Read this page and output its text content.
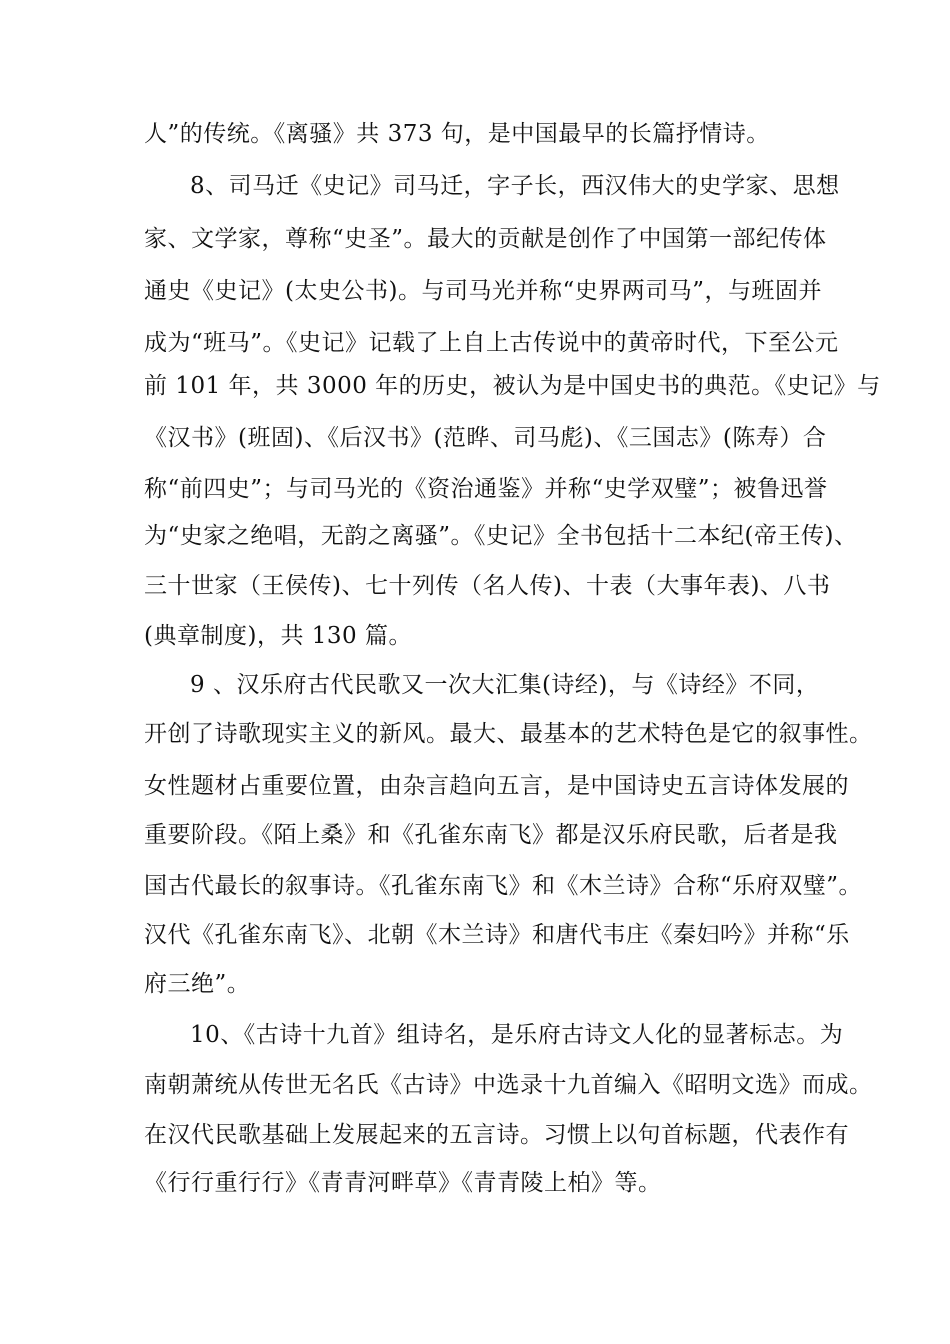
人”的传统。《离骚》共 373 句，是中国最早的长篇抒情诗。
8、司马迁《史记》司马迁，字子长，西汉伟大的史学家、思想
家、文学家，尊称“史圣”。最大的贡献是创作了中国第一部纪传体
通史《史记》(太史公书)。与司马光并称“史界两司马”，与班固并
成为“班马”。《史记》记载了上自上古传说中的黄帝时代，下至公元
前 101 年，共 3000 年的历史，被认为是中国史书的典范。《史记》与
《汉书》(班固)、《后汉书》(范晔、司马彪)、《三国志》(陈寿）合
称“前四史”；与司马光的《资治通鉴》并称“史学双璧”；被鲁迅誉
为“史家之绝唱，无韵之离骚”。《史记》全书包括十二本纪(帝王传)、
三十世家（王侯传)、七十列传（名人传)、十表（大事年表)、八书
(典章制度)，共 130 篇。
9 、汉乐府古代民歌又一次大汇集(诗经)，与《诗经》不同，
开创了诗歌现实主义的新风。最大、最基本的艺术特色是它的叙事性。
女性题材占重要位置，由杂言趋向五言，是中国诗史五言诗体发展的
重要阶段。《陌上桑》和《孔雀东南飞》都是汉乐府民歌，后者是我
国古代最长的叙事诗。《孔雀东南飞》和《木兰诗》合称“乐府双璧”。
汉代《孔雀东南飞》、北朝《木兰诗》和唐代韦庄《秦妇吟》并称“乐
府三绝”。
10、《古诗十九首》组诗名，是乐府古诗文人化的显著标志。为
南朝萧统从传世无名氏《古诗》中选录十九首编入《昭明文选》而成。
在汉代民歌基础上发展起来的五言诗。习惯上以句首标题，代表作有
《行行重行行》《青青河畔草》《青青陵上柏》等。
